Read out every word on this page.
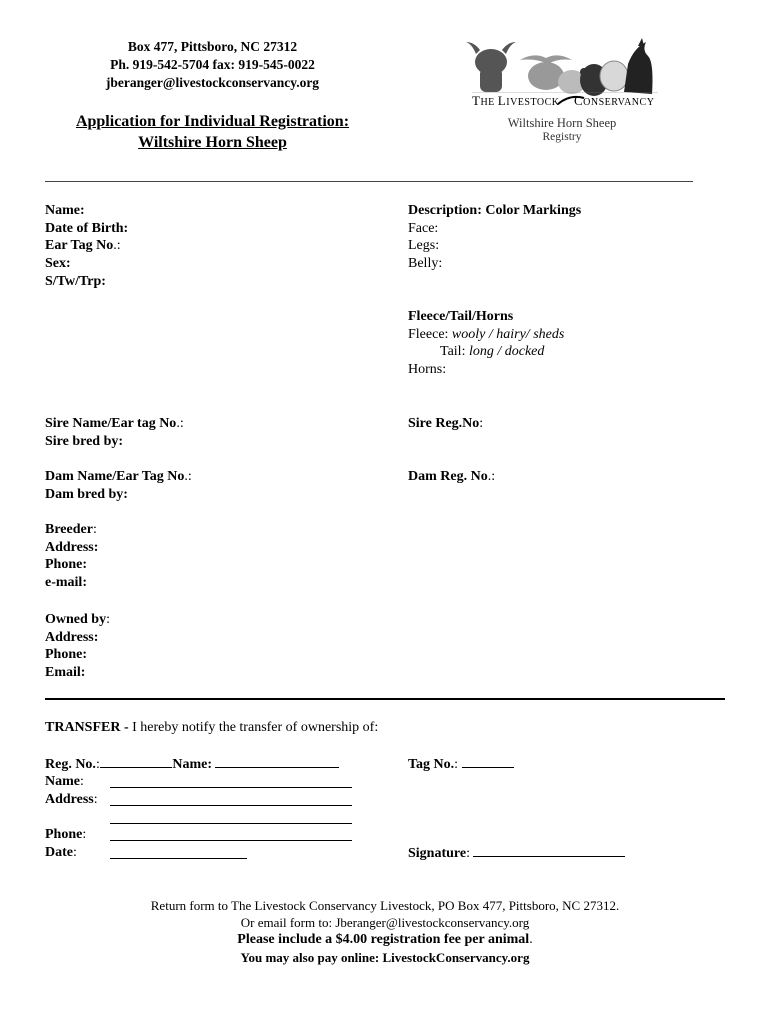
Box 477, Pittsboro, NC 27312
Ph. 919-542-5704 fax: 919-545-0022
jberanger@livestockconservancy.org
Application for Individual Registration:
Wiltshire Horn Sheep
THE LIVESTOCK CONSERVANCY
Wiltshire Horn Sheep
Registry
Name:
Date of Birth:
Ear Tag No.:
Sex:
S/Tw/Trp:
Description: Color Markings
Face:
Legs:
Belly:
Fleece/Tail/Horns
Fleece: wooly / hairy/ sheds
Tail: long / docked
Horns:
Sire Name/Ear tag No.:
Sire bred by:
Sire Reg.No:
Dam Name/Ear Tag No.:
Dam bred by:
Dam Reg. No.:
Breeder:
Address:
Phone:
e-mail:
Owned by:
Address:
Phone:
Email:
TRANSFER - I hereby notify the transfer of ownership of:
Reg. No.:	Name:	Tag No.:
Name:
Address:

Phone:
Date:	Signature:
Return form to The Livestock Conservancy Livestock, PO Box 477, Pittsboro, NC 27312.
Or email form to: Jberanger@livestockconservancy.org
Please include a $4.00 registration fee per animal.
You may also pay online: LivestockConservancy.org
